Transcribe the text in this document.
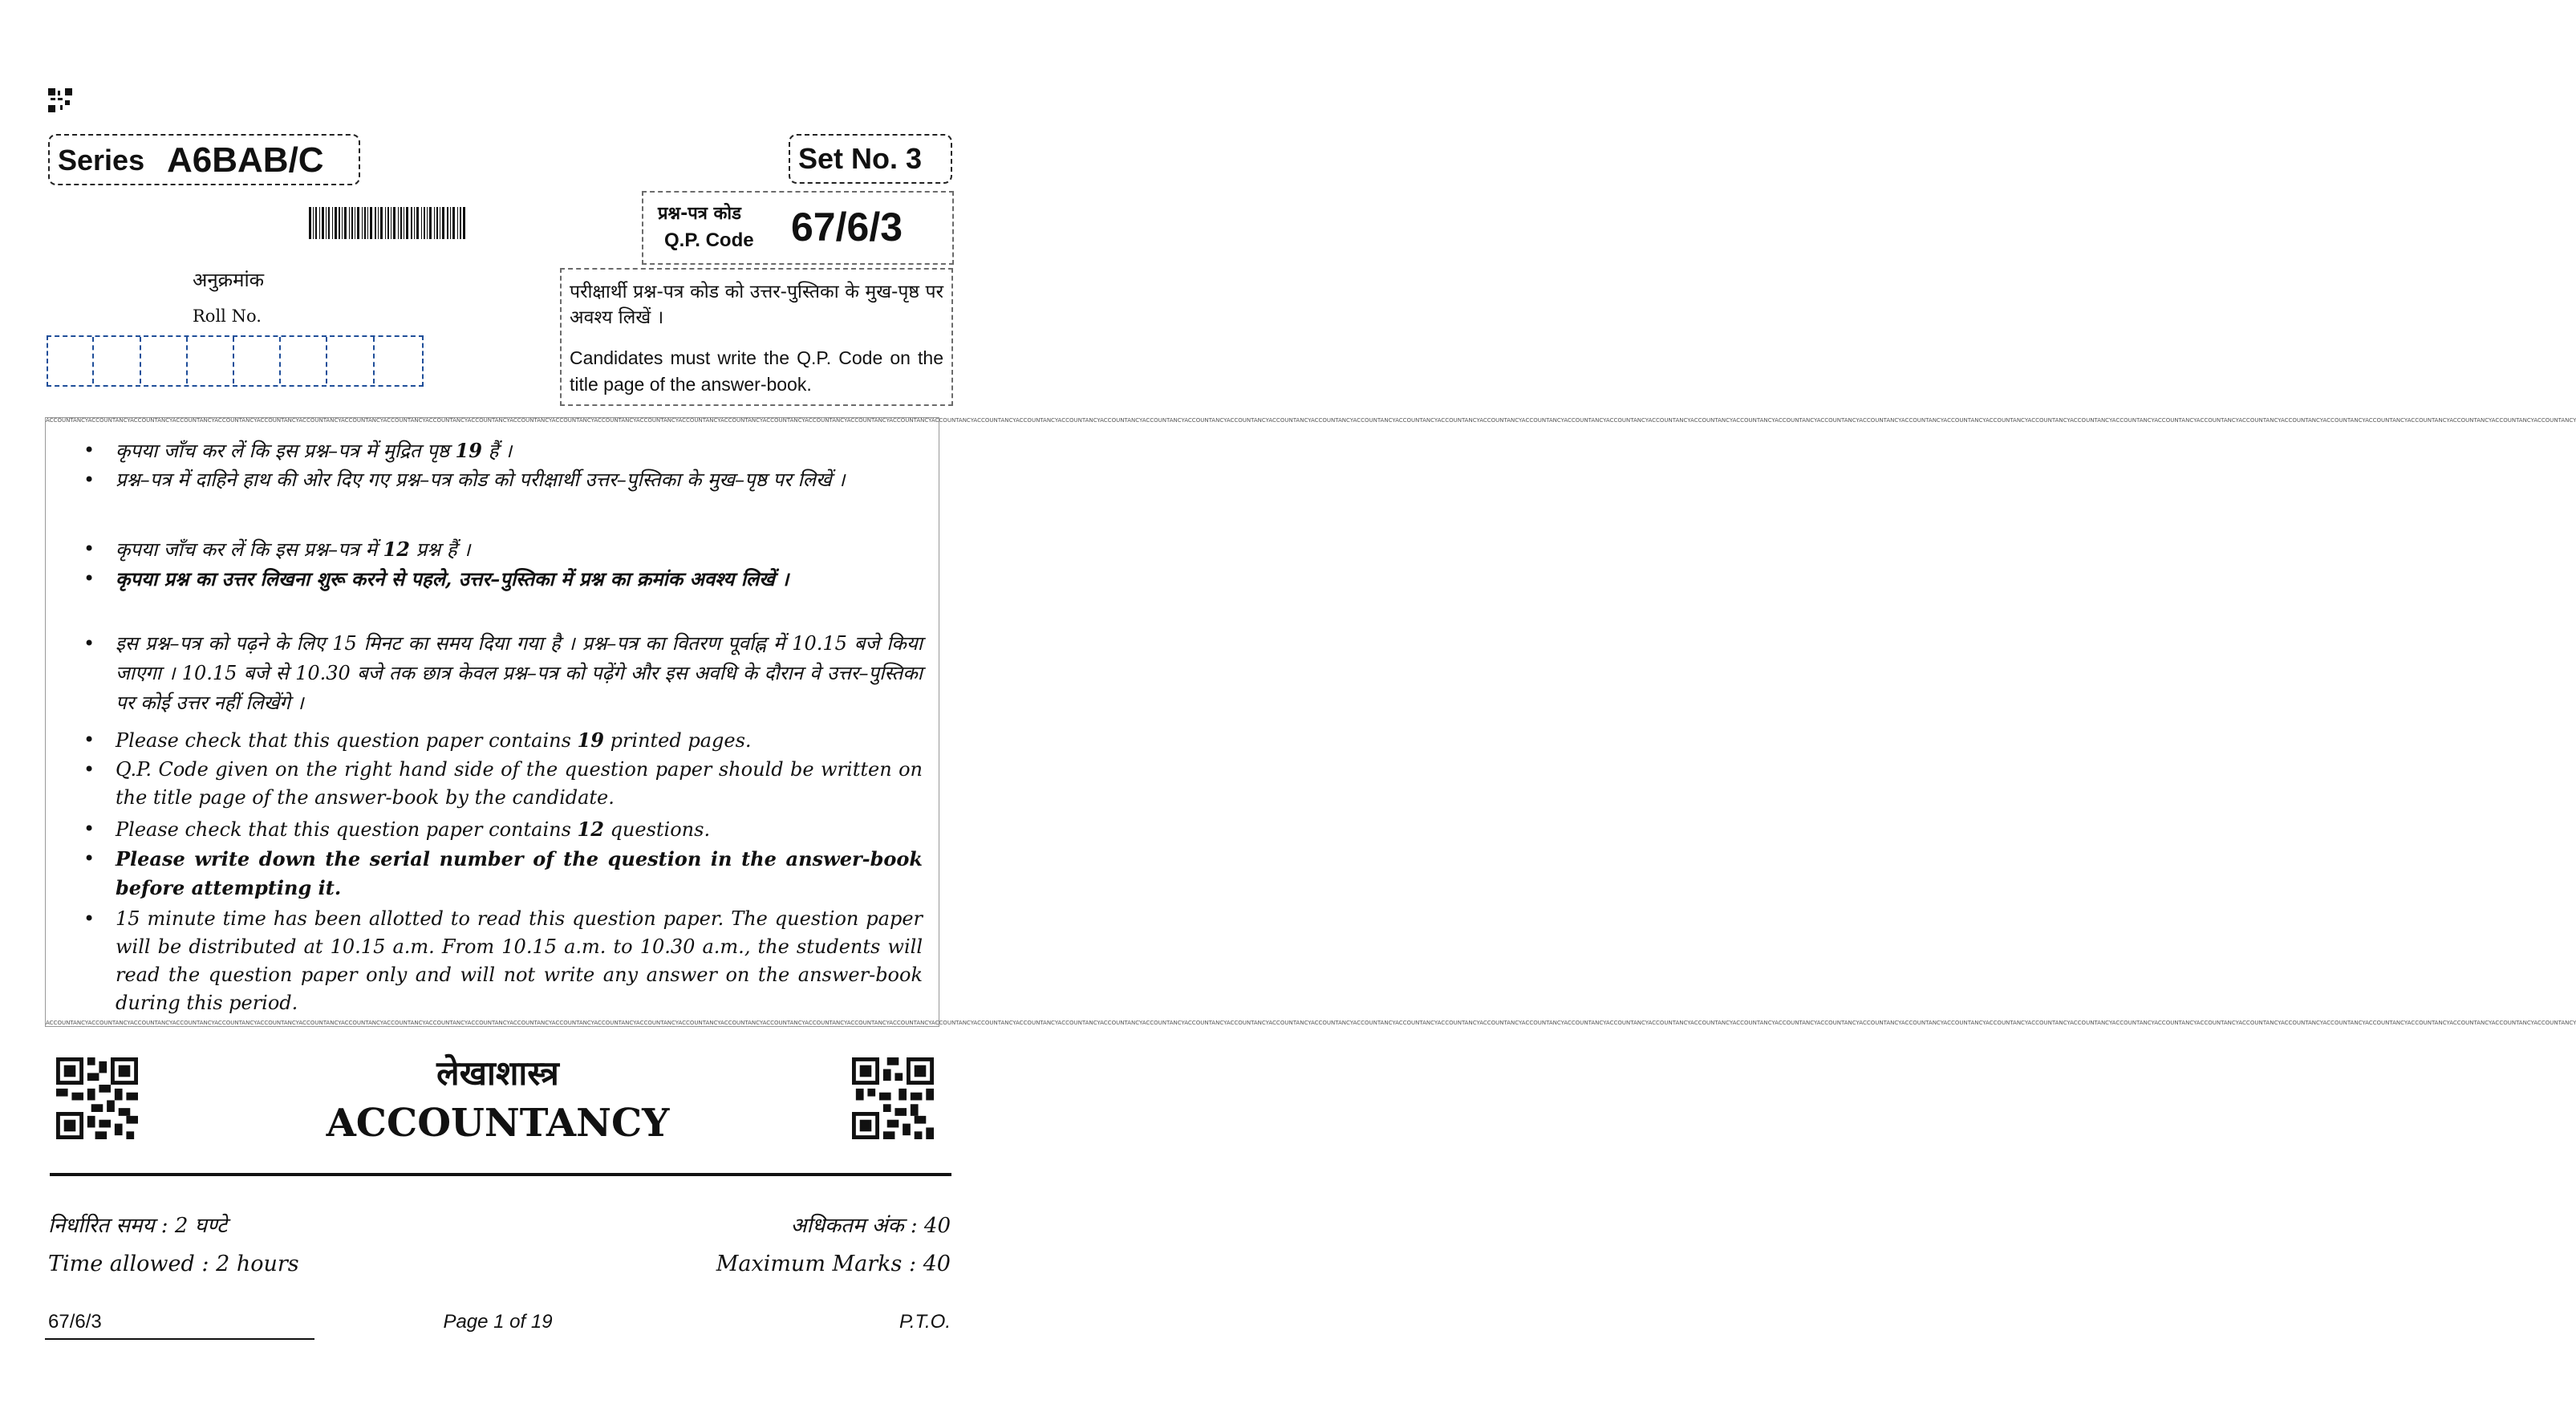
Series A6BAB/C	Set No. 3
प्रश्न-पत्र कोड
Q.P. Code 67/6/3
अनुक्रमांक
Roll No.
परीक्षार्थी प्रश्न-पत्र कोड को उत्तर-पुस्तिका के मुख-पृष्ठ पर अवश्य लिखें ।
Candidates must write the Q.P. Code on the title page of the answer-book.
ACCOUNTANCYACCOUNTANCYACCOUNTANCYACCOUNTANCYACCOUNTANCYACCOUNTANCYACCOUNTANCYACCOUNTANCYACCOUNTANCYACCOUNTANCYACCOUNTANCYACCOUNTANCYACCOUNTANCYACCOUNTANCYACCOUNTANCYACCOUNTANCYACCOUNTANCYACCOUNTANCYACCOUNTANCYACCOUNTANCYACCOUNTANCYACCOUNTANCYACCOUNTANCYACCOUNTANCYACCOUNTANCYACCOUNTANCYACCOUNTANCYACCOUNTANCYACCOUNTANCYACCOUNTANCYACCOUNTANCYACCOUNTANCYACCOUNTANCYACCOUNTANCYACCOUNTANCYACCOUNTANCYACCOUNTANCYACCOUNTANCYACCOUNTANCYACCOUNTANCYACCOUNTANCYACCOUNTANCYACCOUNTANCYACCOUNTANCYACCOUNTANCYACCOUNTANCYACCOUNTANCYACCOUNTANCYACCOUNTANCYACCOUNTANCYACCOUNTANCYACCOUNTANCYACCOUNTANCYACCOUNTANCYACCOUNTANCYACCOUNTANCYACCOUNTANCYACCOUNTANCYACCOUNTANCYACCOUNTANCY
ACCOUNTANCYACCOUNTANCYACCOUNTANCYACCOUNTANCYACCOUNTANCYACCOUNTANCYACCOUNTANCYACCOUNTANCYACCOUNTANCYACCOUNTANCYACCOUNTANCYACCOUNTANCYACCOUNTANCYACCOUNTANCYACCOUNTANCYACCOUNTANCYACCOUNTANCYACCOUNTANCYACCOUNTANCYACCOUNTANCYACCOUNTANCYACCOUNTANCYACCOUNTANCYACCOUNTANCYACCOUNTANCYACCOUNTANCYACCOUNTANCYACCOUNTANCYACCOUNTANCYACCOUNTANCYACCOUNTANCYACCOUNTANCYACCOUNTANCYACCOUNTANCYACCOUNTANCYACCOUNTANCYACCOUNTANCYACCOUNTANCYACCOUNTANCYACCOUNTANCYACCOUNTANCYACCOUNTANCYACCOUNTANCYACCOUNTANCYACCOUNTANCYACCOUNTANCYACCOUNTANCYACCOUNTANCYACCOUNTANCYACCOUNTANCYACCOUNTANCYACCOUNTANCYACCOUNTANCYACCOUNTANCYACCOUNTANCYACCOUNTANCYACCOUNTANCYACCOUNTANCYACCOUNTANCYACCOUNTANCY
• कृपया जाँच कर लें कि इस प्रश्न–पत्र में मुद्रित पृष्ठ 19 हैं ।
• प्रश्न–पत्र में दाहिने हाथ की ओर दिए गए प्रश्न–पत्र कोड को परीक्षार्थी उत्तर–पुस्तिका के मुख–पृष्ठ पर लिखें ।
• कृपया जाँच कर लें कि इस प्रश्न–पत्र में 12 प्रश्न हैं ।
• कृपया प्रश्न का उत्तर लिखना शुरू करने से पहले, उत्तर–पुस्तिका में प्रश्न का क्रमांक अवश्य लिखें ।
• इस प्रश्न–पत्र को पढ़ने के लिए 15 मिनट का समय दिया गया है । प्रश्न–पत्र का वितरण पूर्वाह्न में 10.15 बजे किया जाएगा । 10.15 बजे से 10.30 बजे तक छात्र केवल प्रश्न–पत्र को पढ़ेंगे और इस अवधि के दौरान वे उत्तर–पुस्तिका पर कोई उत्तर नहीं लिखेंगे ।
• Please check that this question paper contains 19 printed pages.
• Q.P. Code given on the right hand side of the question paper should be written on the title page of the answer-book by the candidate.
• Please check that this question paper contains 12 questions.
• Please write down the serial number of the question in the answer-book before attempting it.
• 15 minute time has been allotted to read this question paper. The question paper will be distributed at 10.15 a.m. From 10.15 a.m. to 10.30 a.m., the students will read the question paper only and will not write any answer on the answer-book during this period.
लेखाशास्त्र
ACCOUNTANCY
निर्धारित समय : 2 घण्टे	अधिकतम अंक : 40
Time allowed : 2 hours	Maximum Marks : 40
67/6/3	Page 1 of 19	P.T.O.
